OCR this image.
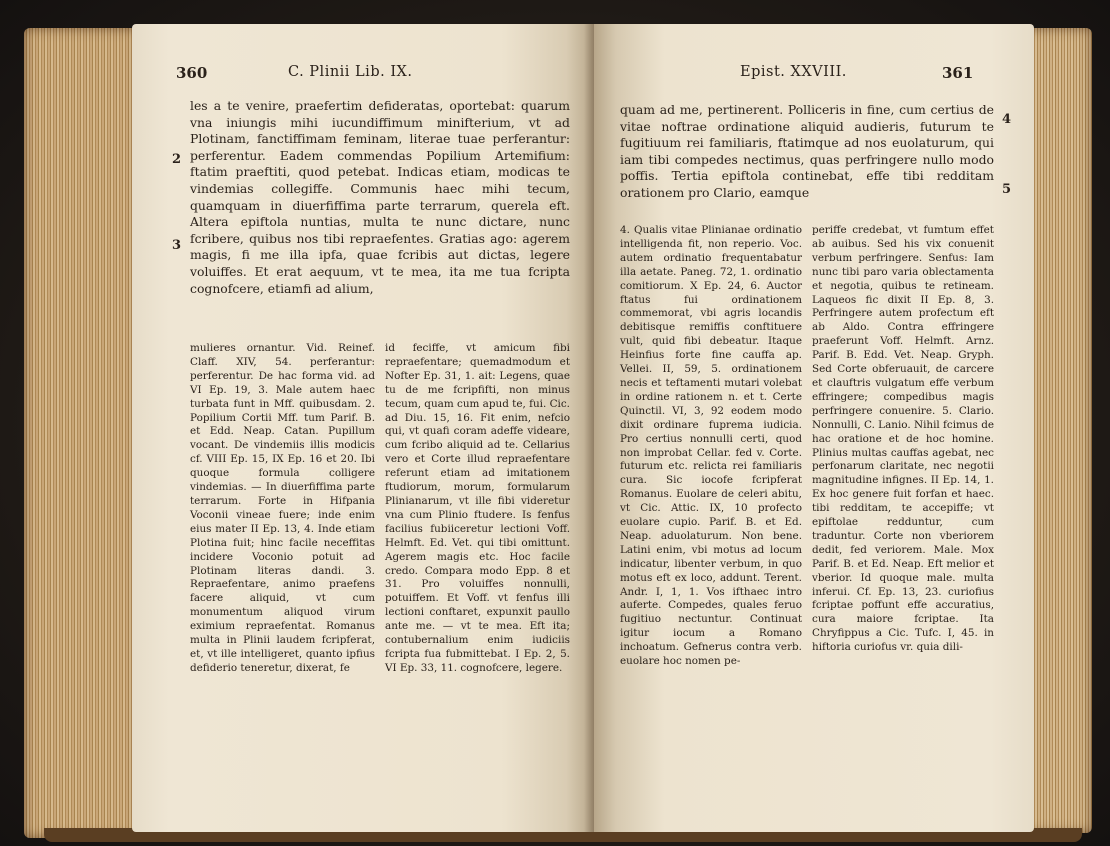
360	C. Plinii Lib. IX.
2
3

les a te venire, praefertim defideratas, oportebat: quarum vna iniungis mihi iucundiffimum minifterium, vt ad Plotinam, fanctiffimam feminam, literae tuae perferantur: perferentur. Eadem commendas Popilium Artemifium: ftatim praeftiti, quod petebat. Indicas etiam, modicas te vindemias collegiffe. Communis haec mihi tecum, quamquam in diuerfiffima parte terrarum, querela eft. Altera epiftola nuntias, multa te nunc dictare, nunc fcribere, quibus nos tibi repraefentes. Gratias ago: agerem magis, fi me illa ipfa, quae fcribis aut dictas, legere voluiffes. Et erat aequum, vt te mea, ita me tua fcripta cognofcere, etiamfi ad alium,

mulieres ornantur. Vid. Reinef. Claff. XIV, 54. perferantur: perferentur. De hac forma vid. ad VI Ep. 19, 3. Male autem haec turbata funt in Mff. quibusdam. 2. Popilium Cortii Mff. tum Parif. B. et Edd. Neap. Catan. Pupillum vocant. De vindemiis illis modicis cf. VIII Ep. 15, IX Ep. 16 et 20. Ibi quoque formula colligere vindemias. — In diuerfiffima parte terrarum. Forte in Hifpania Voconii vineae fuere; inde enim eius mater II Ep. 13, 4. Inde etiam Plotina fuit; hinc facile neceffitas incidere Voconio potuit ad Plotinam literas dandi. 3. Repraefentare, animo praefens facere aliquid, vt cum monumentum aliquod virum eximium repraefentat. Romanus multa in Plinii laudem fcripferat, et, vt ille intelligeret, quanto ipfius defiderio teneretur, dixerat, fe

id feciffe, vt amicum fibi repraefentare; quemadmodum et Nofter Ep. 31, 1. ait: Legens, quae tu de me fcripfifti, non minus tecum, quam cum apud te, fui. Cic. ad Diu. 15, 16. Fit enim, nefcio qui, vt quafi coram adeffe videare, cum fcribo aliquid ad te. Cellarius vero et Corte illud repraefentare referunt etiam ad imitationem ftudiorum, morum, formularum Plinianarum, vt ille fibi videretur vna cum Plinio ftudere. Is fenfus facilius fubiiceretur lectioni Voff. Helmft. Ed. Vet. qui tibi omittunt. Agerem magis etc. Hoc facile credo. Compara modo Epp. 8 et 31. Pro voluiffes nonnulli, potuiffem. Et Voff. vt fenfus illi lectioni conftaret, expunxit paullo ante me. — vt te mea. Eft ita; contubernalium enim iudiciis fcripta fua fubmittebat. I Ep. 2, 5. VI Ep. 33, 11. cognofcere, legere.

Epist. XXVIII.	361
4
5

quam ad me, pertinerent. Polliceris in fine, cum certius de vitae noftrae ordinatione aliquid audieris, futurum te fugitiuum rei familiaris, ftatimque ad nos euolaturum, qui iam tibi compedes nectimus, quas perfringere nullo modo poffis. Tertia epiftola continebat, effe tibi redditam orationem pro Clario, eamque

4. Qualis vitae Plinianae ordinatio intelligenda fit, non reperio. Voc. autem ordinatio frequentabatur illa aetate. Paneg. 72, 1. ordinatio comitiorum. X Ep. 24, 6. Auctor ftatus fui ordinationem commemorat, vbi agris locandis debitisque remiffis conftituere vult, quid fibi debeatur. Itaque Heinfius forte fine cauffa ap. Vellei. II, 59, 5. ordinationem necis et teftamenti mutari volebat in ordine rationem n. et t. Certe Quinctil. VI, 3, 92 eodem modo dixit ordinare fuprema iudicia. Pro certius nonnulli certi, quod non improbat Cellar. fed v. Corte. futurum etc. relicta rei familiaris cura. Sic iocofe fcripferat Romanus. Euolare de celeri abitu, vt Cic. Attic. IX, 10 profecto euolare cupio. Parif. B. et Ed. Neap. aduolaturum. Non bene. Latini enim, vbi motus ad locum indicatur, libenter verbum, in quo motus eft ex loco, addunt. Terent. Andr. I, 1, 1. Vos ifthaec intro auferte. Compedes, quales feruo fugitiuo nectuntur. Continuat igitur iocum a Romano inchoatum. Gefnerus contra verb. euolare hoc nomen pe-

periffe credebat, vt fumtum effet ab auibus. Sed his vix conuenit verbum perfringere. Senfus: Iam nunc tibi paro varia oblectamenta et negotia, quibus te retineam. Laqueos fic dixit II Ep. 8, 3. Perfringere autem profectum eft ab Aldo. Contra effringere praeferunt Voff. Helmft. Arnz. Parif. B. Edd. Vet. Neap. Gryph. Sed Corte obferuauit, de carcere et clauftris vulgatum effe verbum effringere; compedibus magis perfringere conuenire. 5. Clario. Nonnulli, C. Lanio. Nihil fcimus de hac oratione et de hoc homine. Plinius multas cauffas agebat, nec perfonarum claritate, nec negotii magnitudine infignes. II Ep. 14, 1. Ex hoc genere fuit forfan et haec. tibi redditam, te accepiffe; vt epiftolae redduntur, cum traduntur. Corte non vberiorem dedit, fed veriorem. Male. Mox Parif. B. et Ed. Neap. Eft melior et vberior. Id quoque male. multa inferui. Cf. Ep. 13, 23. curiofius fcriptae poffunt effe accuratius, cura maiore fcriptae. Ita Chryfippus a Cic. Tufc. I, 45. in hiftoria curiofus vr. quia dili-
